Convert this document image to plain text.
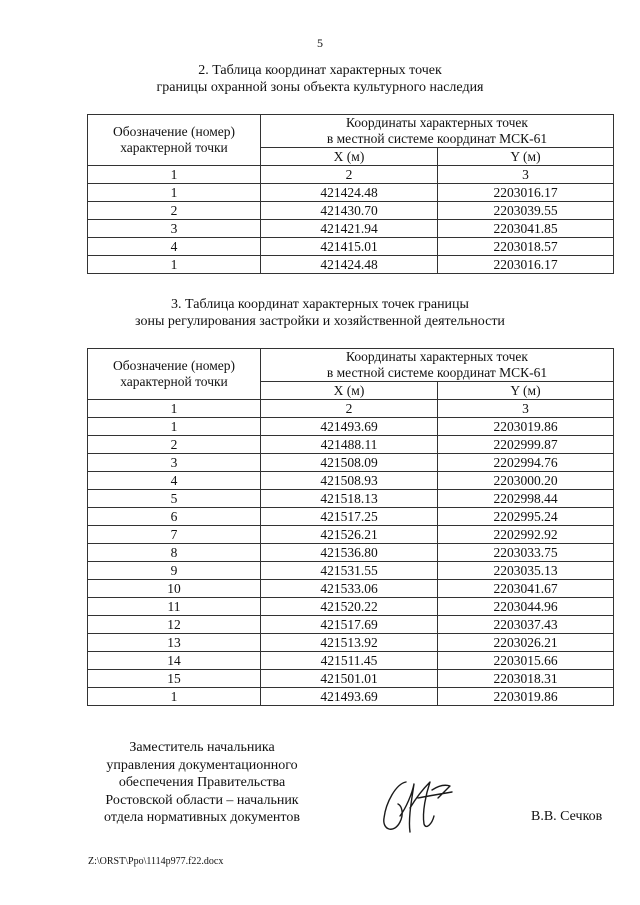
5
2. Таблица координат характерных точек
границы охранной зоны объекта культурного наследия
Обозначение (номер)
характерной точки	Координаты характерных точек
в местной системе координат МСК-61	

	X (м)	Y (м)
1	2	3
1	421424.48	2203016.17
2	421430.70	2203039.55
3	421421.94	2203041.85
4	421415.01	2203018.57
1	421424.48	2203016.17
3. Таблица координат характерных точек границы
зоны регулирования застройки и хозяйственной деятельности
Обозначение (номер)
характерной точки	Координаты характерных точек
в местной системе координат МСК-61	

	X (м)	Y (м)
1	2	3
1	421493.69	2203019.86
2	421488.11	2202999.87
3	421508.09	2202994.76
4	421508.93	2203000.20
5	421518.13	2202998.44
6	421517.25	2202995.24
7	421526.21	2202992.92
8	421536.80	2203033.75
9	421531.55	2203035.13
10	421533.06	2203041.67
11	421520.22	2203044.96
12	421517.69	2203037.43
13	421513.92	2203026.21
14	421511.45	2203015.66
15	421501.01	2203018.31
1	421493.69	2203019.86
Заместитель начальника
управления документационного
обеспечения Правительства
Ростовской области – начальник
отдела нормативных документов	В.В. Сечков
Z:\ORST\Ppo\1114p977.f22.docx
